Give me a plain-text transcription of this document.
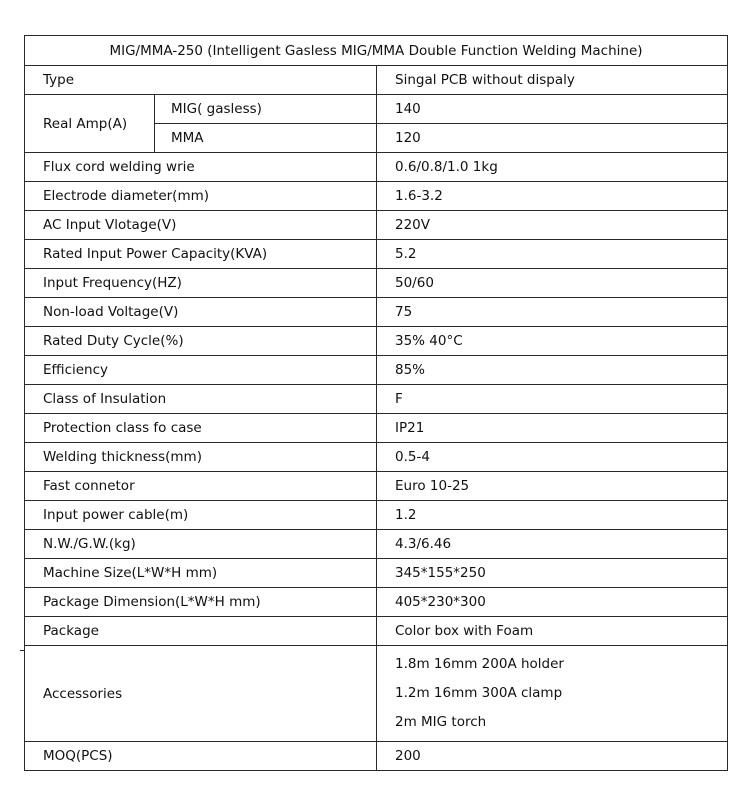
MIG/MMA-250 (Intelligent Gasless MIG/MMA Double Function Welding Machine)		
Type		Singal PCB without dispaly
Real Amp(A)	MIG( gasless)	140
	MMA	120
Flux cord welding wrie		0.6/0.8/1.0 1kg
Electrode diameter(mm)		1.6-3.2
AC Input Vlotage(V)		220V
Rated Input Power Capacity(KVA)		5.2
Input Frequency(HZ)		50/60
Non-load Voltage(V)		75
Rated Duty Cycle(%)		35% 40°C
Efficiency		85%
Class of Insulation		F
Protection class fo case		IP21
Welding thickness(mm)		0.5-4
Fast connetor		Euro 10-25
Input power cable(m)		1.2
N.W./G.W.(kg)		4.3/6.46
Machine Size(L*W*H mm)		345*155*250
Package Dimension(L*W*H mm)		405*230*300
Package		Color box with Foam
Accessories		1.8m 16mm 200A holder
1.2m 16mm 300A clamp
2m MIG torch

MOQ(PCS)		200
